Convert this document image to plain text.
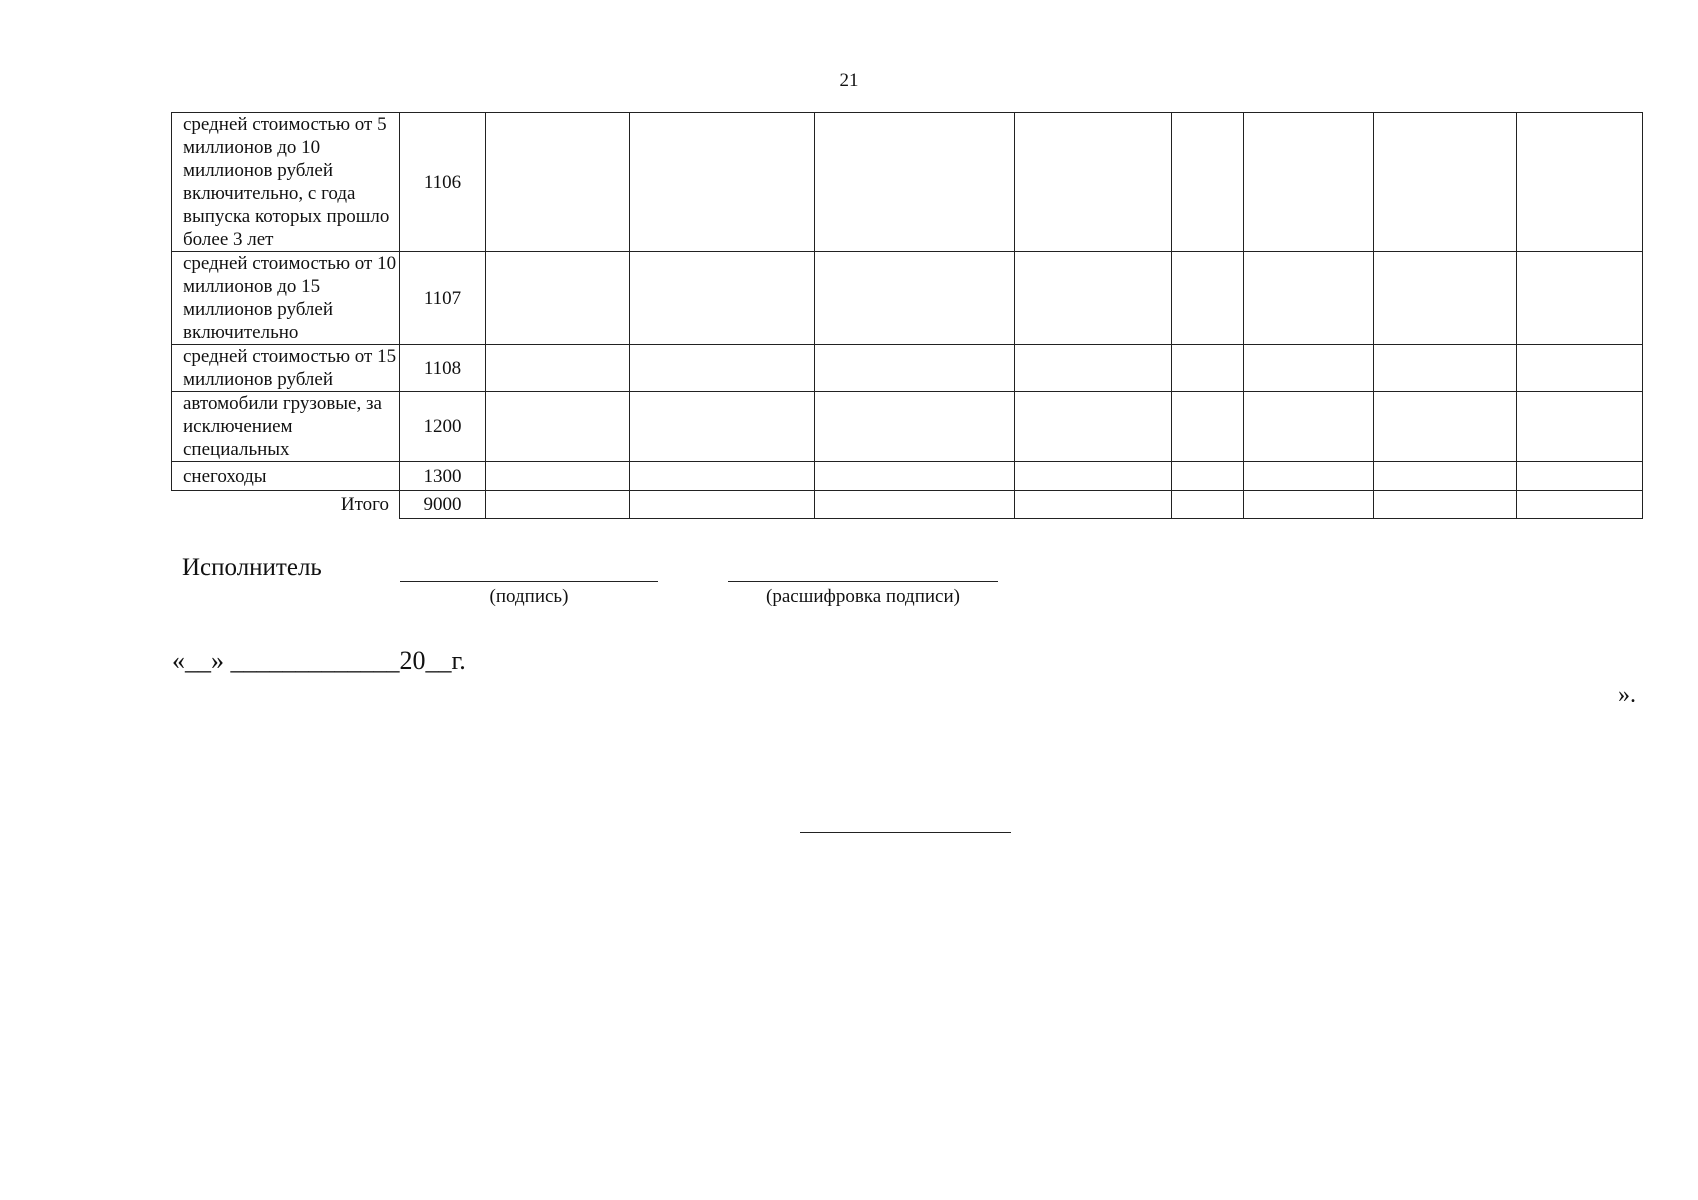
21
средней стоимостью от 5 миллионов до 10 миллионов рублей включительно, с года выпуска которых прошло более 3 лет	1106								
средней стоимостью от 10 миллионов до 15 миллионов рублей включительно	1107								
средней стоимостью от 15 миллионов рублей	1108								
автомобили грузовые, за исключением специальных	1200								
снегоходы	1300								
Итого	9000								
Исполнитель
(подпись)	(расшифровка подписи)
«__» _____________20__г.
».
